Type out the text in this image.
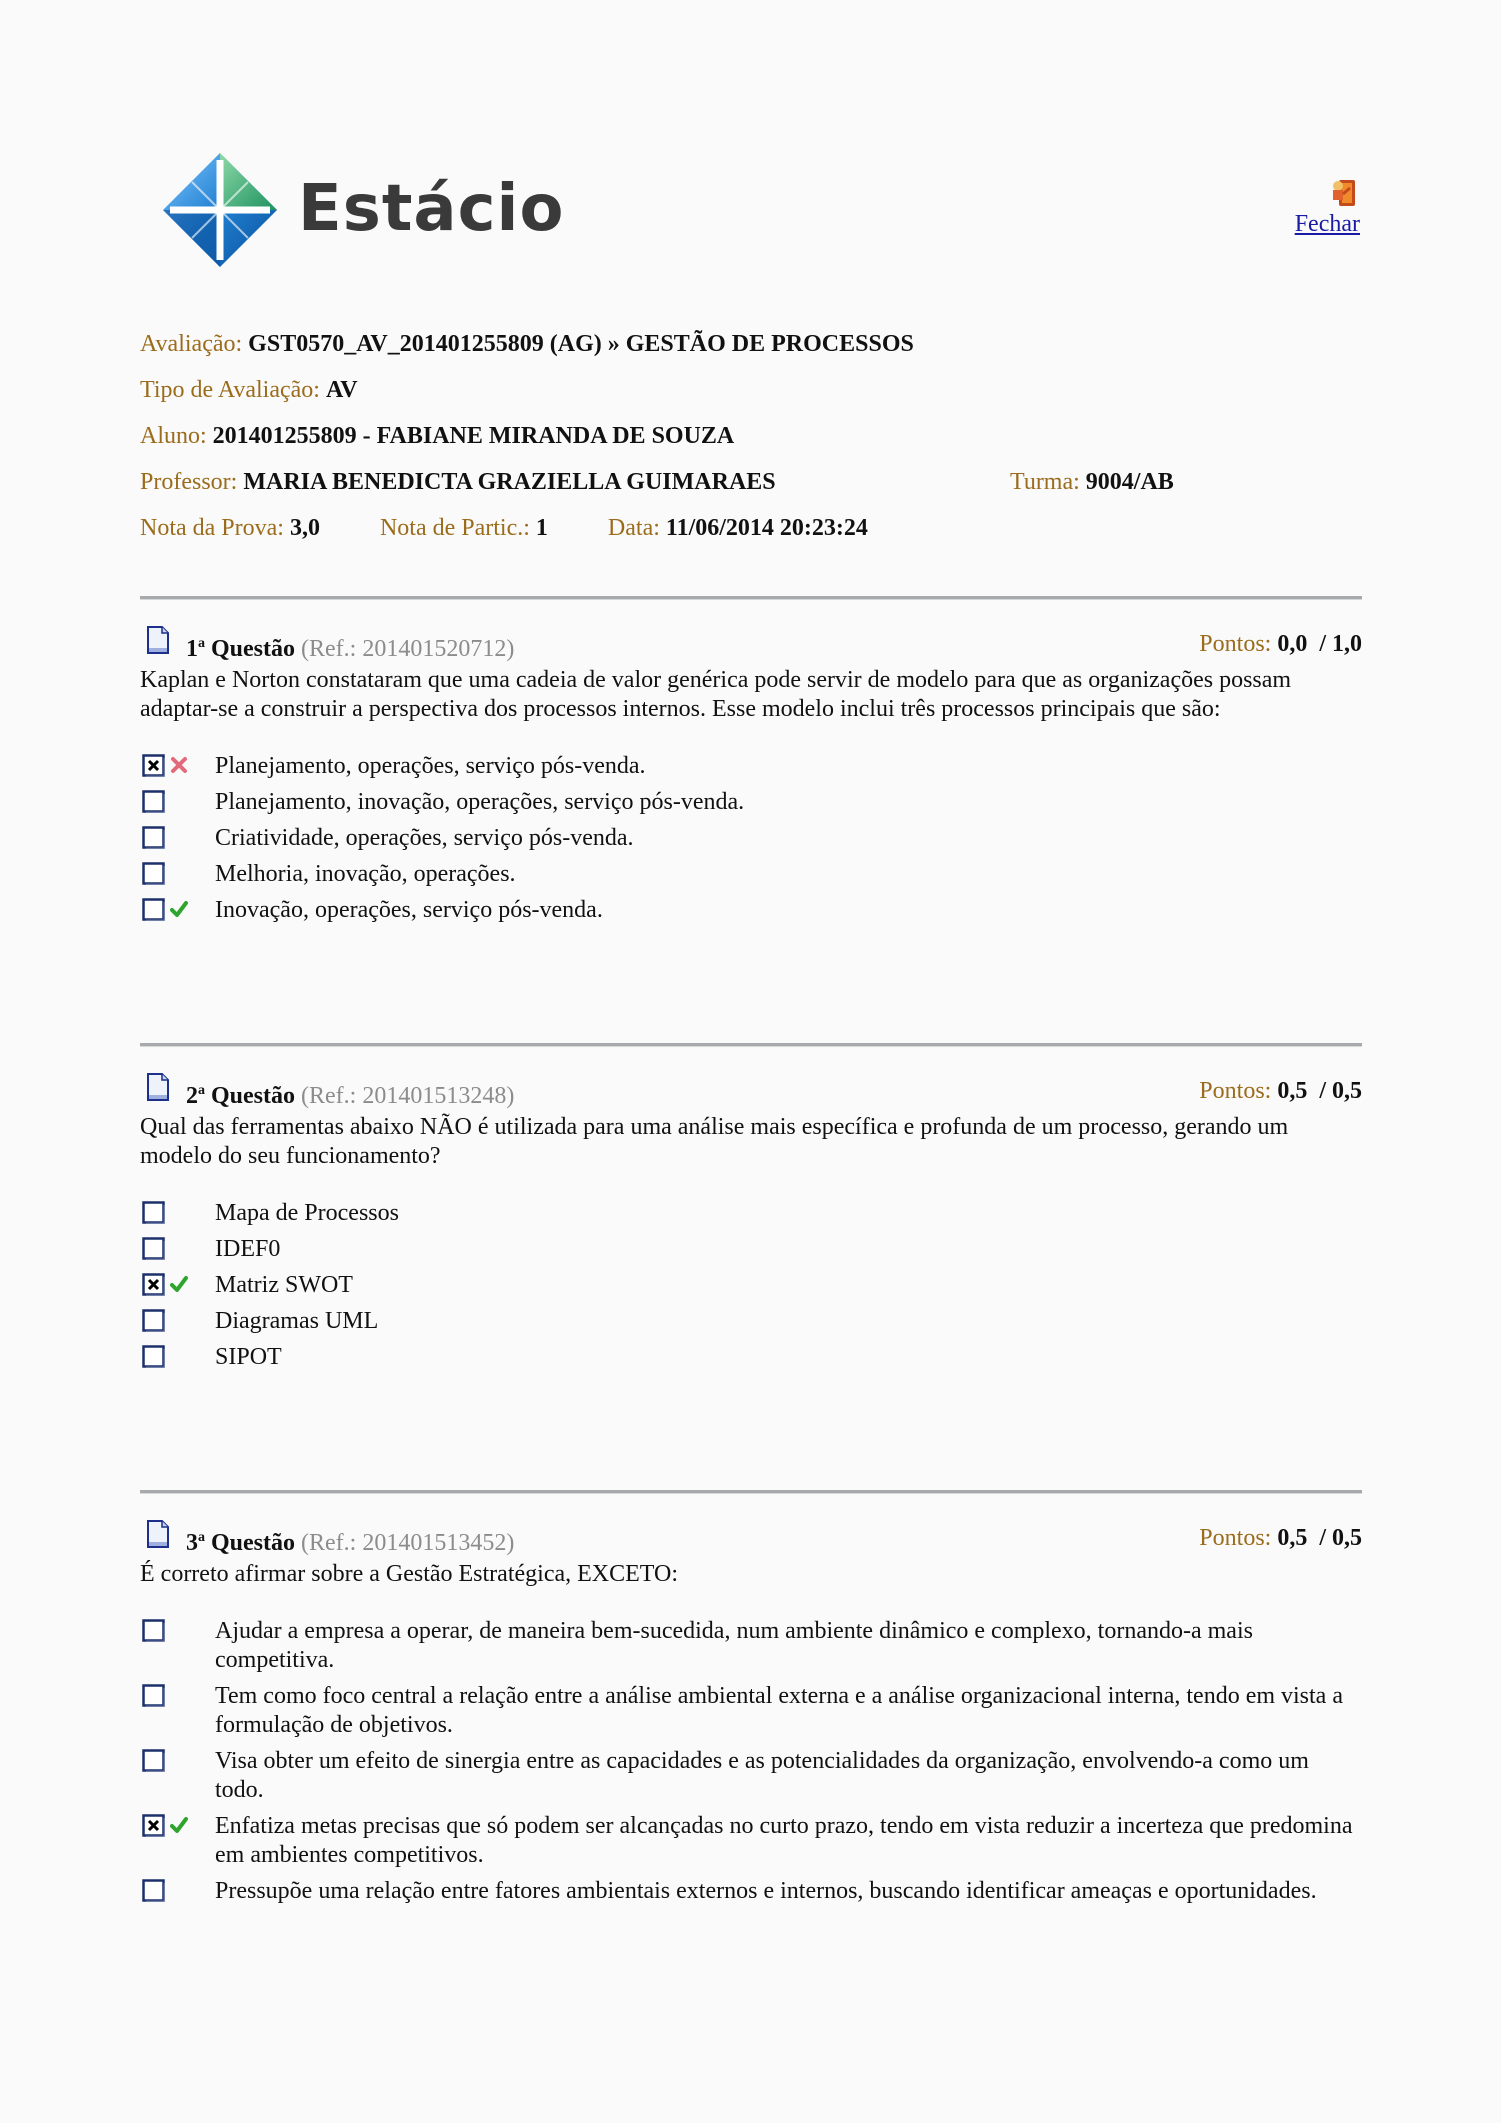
Estácio	Fechar
Avaliação: GST0570_AV_201401255809 (AG) » GESTÃO DE PROCESSOS
Tipo de Avaliação: AV
Aluno: 201401255809 - FABIANE MIRANDA DE SOUZA
Professor: MARIA BENEDICTA GRAZIELLA GUIMARAES	Turma: 9004/AB
Nota da Prova: 3,0	Nota de Partic.: 1	Data: 11/06/2014 20:23:24
1$^a$ Questão (Ref.: 201401520712)	Pontos: 0,0 / 1,0
Kaplan e Norton constataram que uma cadeia de valor genérica pode servir de modelo para que as organizações possam adaptar-se a construir a perspectiva dos processos internos. Esse modelo inclui três processos principais que são:
Planejamento, operações, serviço pós-venda.
Planejamento, inovação, operações, serviço pós-venda.
Criatividade, operações, serviço pós-venda.
Melhoria, inovação, operações.
Inovação, operações, serviço pós-venda.
2$^a$ Questão (Ref.: 201401513248)	Pontos: 0,5 / 0,5
Qual das ferramentas abaixo NÃO é utilizada para uma análise mais específica e profunda de um processo, gerando um modelo do seu funcionamento?
Mapa de Processos
IDEF0
Matriz SWOT
Diagramas UML
SIPOT
3$^a$ Questão (Ref.: 201401513452)	Pontos: 0,5 / 0,5
É correto afirmar sobre a Gestão Estratégica, EXCETO:
Ajudar a empresa a operar, de maneira bem-sucedida, num ambiente dinâmico e complexo, tornando-a mais competitiva.
Tem como foco central a relação entre a análise ambiental externa e a análise organizacional interna, tendo em vista a formulação de objetivos.
Visa obter um efeito de sinergia entre as capacidades e as potencialidades da organização, envolvendo-a como um todo.
Enfatiza metas precisas que só podem ser alcançadas no curto prazo, tendo em vista reduzir a incerteza que predomina em ambientes competitivos.
Pressupõe uma relação entre fatores ambientais externos e internos, buscando identificar ameaças e oportunidades.
